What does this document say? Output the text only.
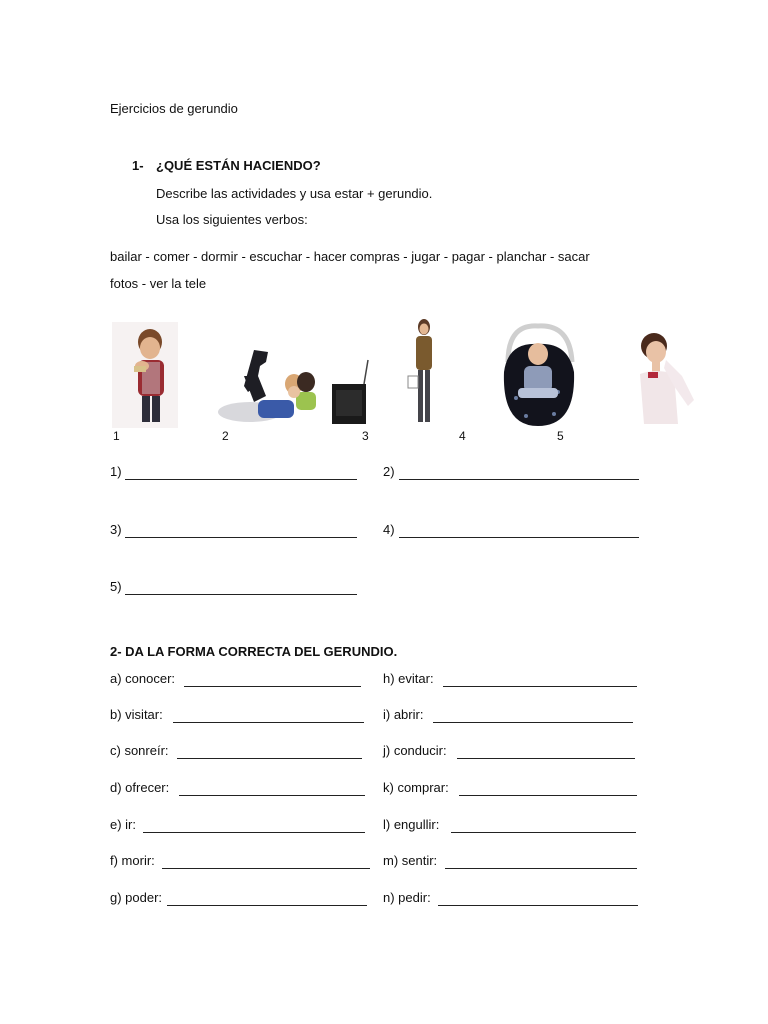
Ejercicios de gerundio
1- ¿QUÉ ESTÁN HACIENDO?
Describe las actividades y usa estar + gerundio.
Usa los siguientes verbos:
bailar - comer - dormir - escuchar - hacer compras - jugar - pagar - planchar - sacar
fotos - ver la tele
1	2	3	4	5
1)	2)
3)	4)
5)
2- DA LA FORMA CORRECTA DEL GERUNDIO.
a) conocer:	h) evitar:
b) visitar:	i) abrir:
c) sonreír:	j) conducir:
d) ofrecer:	k) comprar:
e) ir:	l) engullir:
f) morir:	m) sentir:
g) poder:	n) pedir:
